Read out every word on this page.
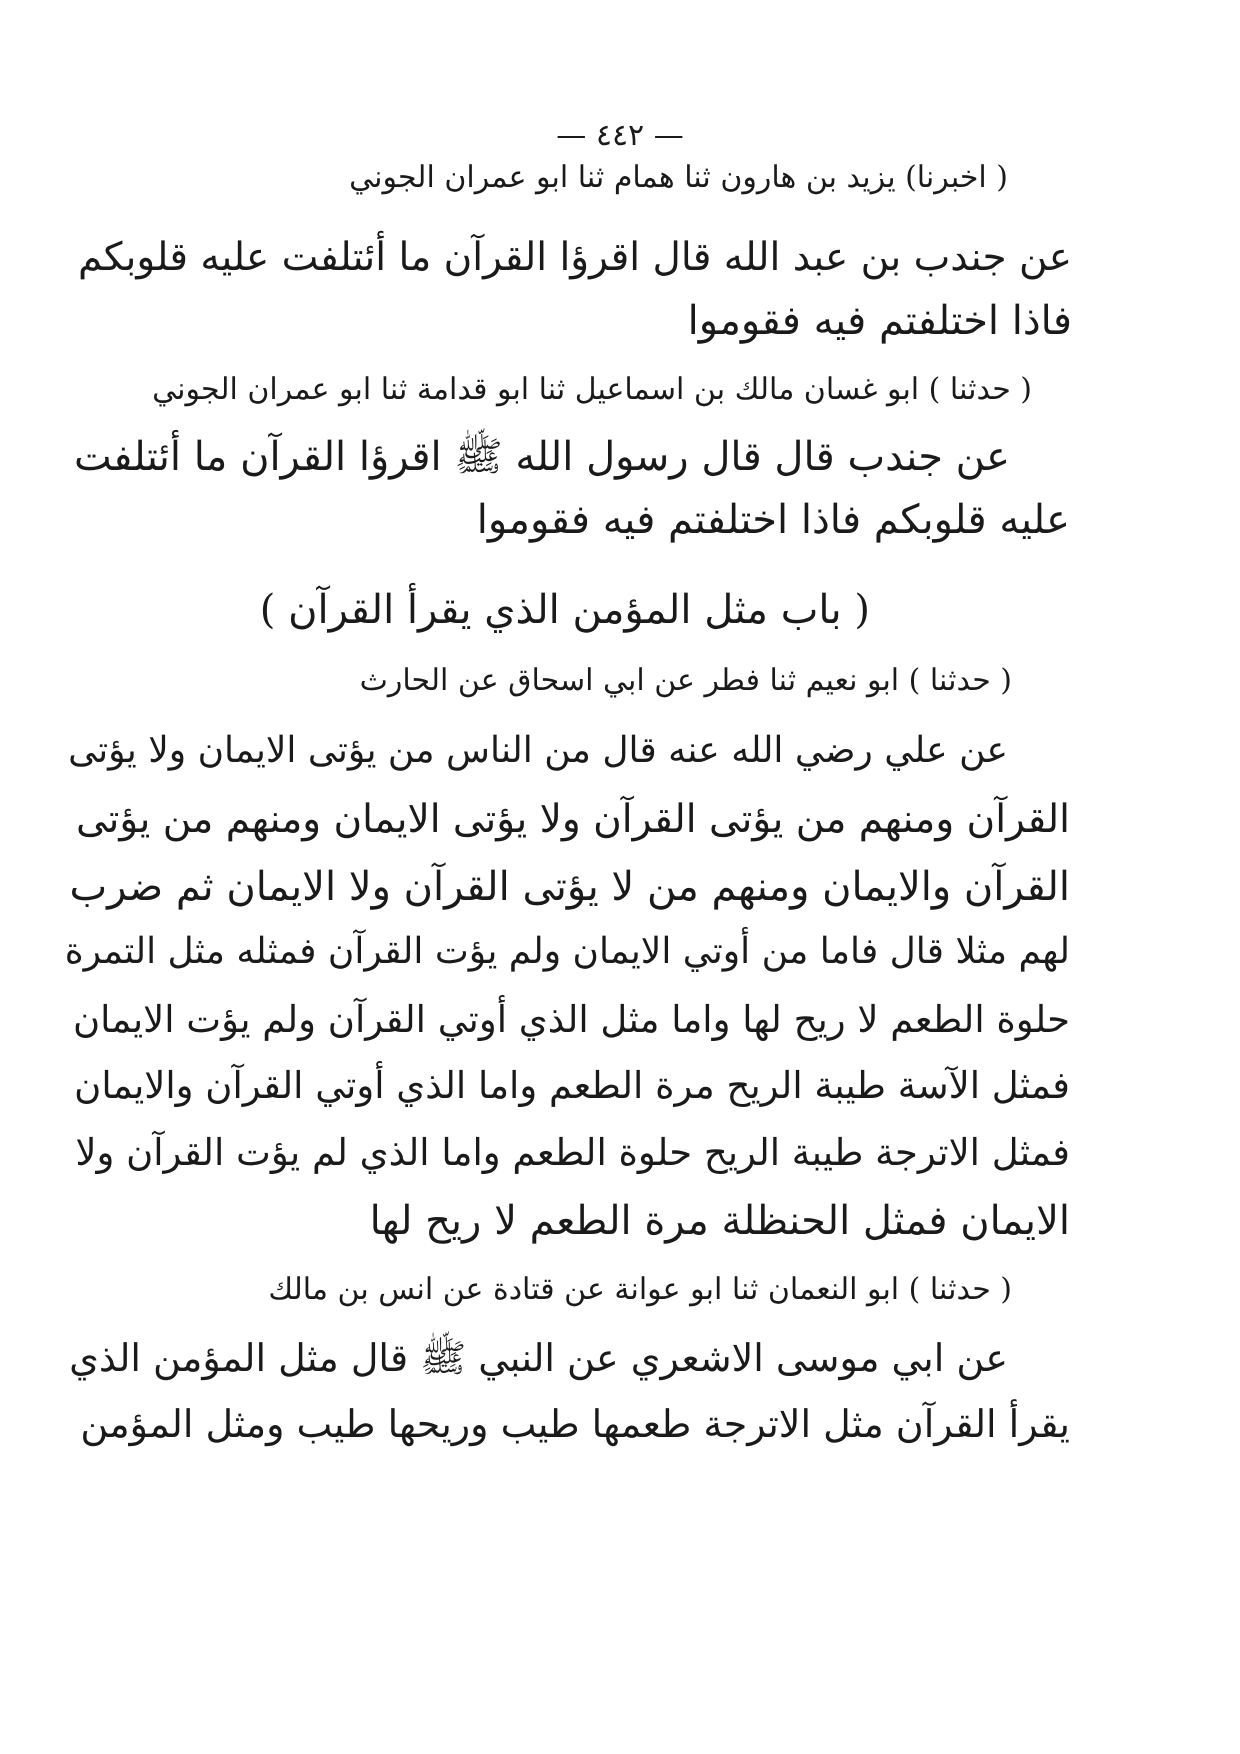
— ٤٤٢ —
( اخبرنا) يزيد بن هارون ثنا همام ثنا ابو عمران الجوني
عن جندب بن عبد الله قال اقرؤا القرآن ما أئتلفت عليه قلوبكم
فاذا اختلفتم فيه فقوموا
( حدثنا ) ابو غسان مالك بن اسماعيل ثنا ابو قدامة ثنا ابو عمران الجوني
عن جندب قال قال رسول الله ﷺ اقرؤا القرآن ما أئتلفت
عليه قلوبكم فاذا اختلفتم فيه فقوموا
( باب مثل المؤمن الذي يقرأ القرآن )
( حدثنا ) ابو نعيم ثنا فطر عن ابي اسحاق عن الحارث
عن علي رضي الله عنه قال من الناس من يؤتى الايمان ولا يؤتى
القرآن ومنهم من يؤتى القرآن ولا يؤتى الايمان ومنهم من يؤتى
القرآن والايمان ومنهم من لا يؤتى القرآن ولا الايمان ثم ضرب
لهم مثلا قال فاما من أوتي الايمان ولم يؤت القرآن فمثله مثل التمرة
حلوة الطعم لا ريح لها واما مثل الذي أوتي القرآن ولم يؤت الايمان
فمثل الآسة طيبة الريح مرة الطعم واما الذي أوتي القرآن والايمان
فمثل الاترجة طيبة الريح حلوة الطعم واما الذي لم يؤت القرآن ولا
الايمان فمثل الحنظلة مرة الطعم لا ريح لها
( حدثنا ) ابو النعمان ثنا ابو عوانة عن قتادة عن انس بن مالك
عن ابي موسى الاشعري عن النبي ﷺ قال مثل المؤمن الذي
يقرأ القرآن مثل الاترجة طعمها طيب وريحها طيب ومثل المؤمن
